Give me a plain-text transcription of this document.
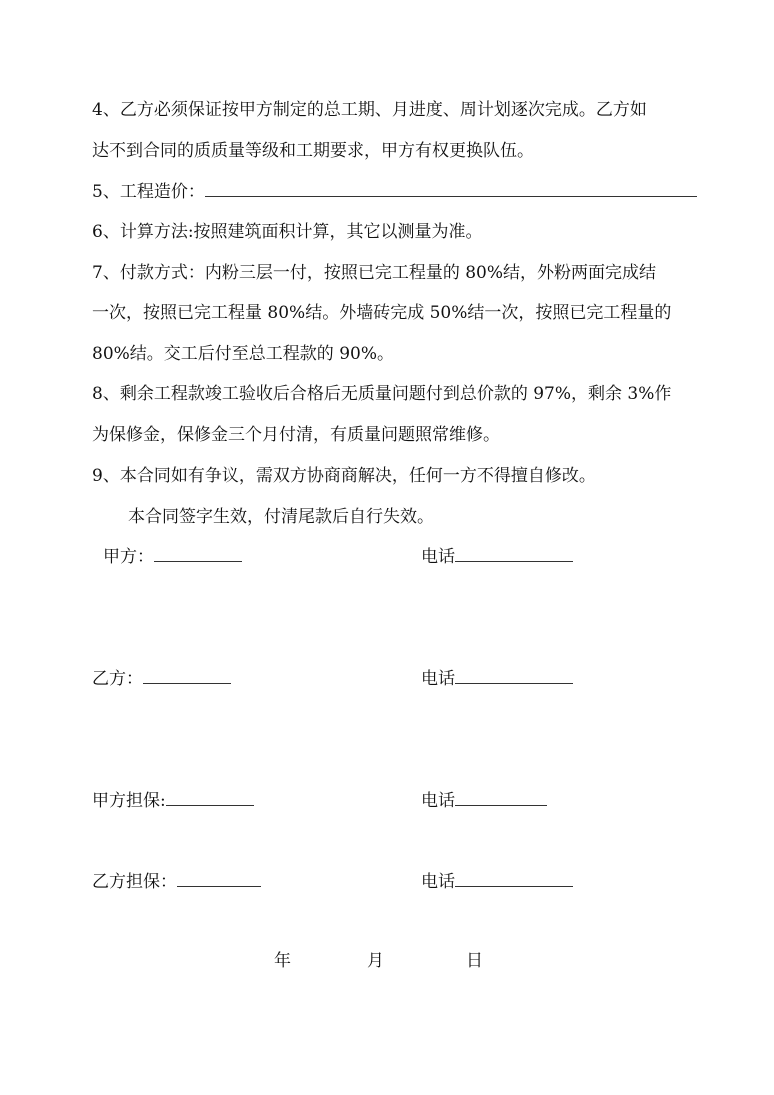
4、乙方必须保证按甲方制定的总工期、月进度、周计划逐次完成。乙方如
达不到合同的质质量等级和工期要求，甲方有权更换队伍。
5、工程造价：
6、计算方法:按照建筑面积计算，其它以测量为准。
7、付款方式：内粉三层一付，按照已完工程量的 80%结，外粉两面完成结
一次，按照已完工程量 80%结。外墙砖完成 50%结一次，按照已完工程量的
80%结。交工后付至总工程款的 90%。
8、剩余工程款竣工验收后合格后无质量问题付到总价款的 97%，剩余 3%作
为保修金，保修金三个月付清，有质量问题照常维修。
9、本合同如有争议，需双方协商商解决，任何一方不得擅自修改。
本合同签字生效，付清尾款后自行失效。
甲方：	电话
乙方：	电话
甲方担保:	电话
乙方担保：	电话
年	月	日
